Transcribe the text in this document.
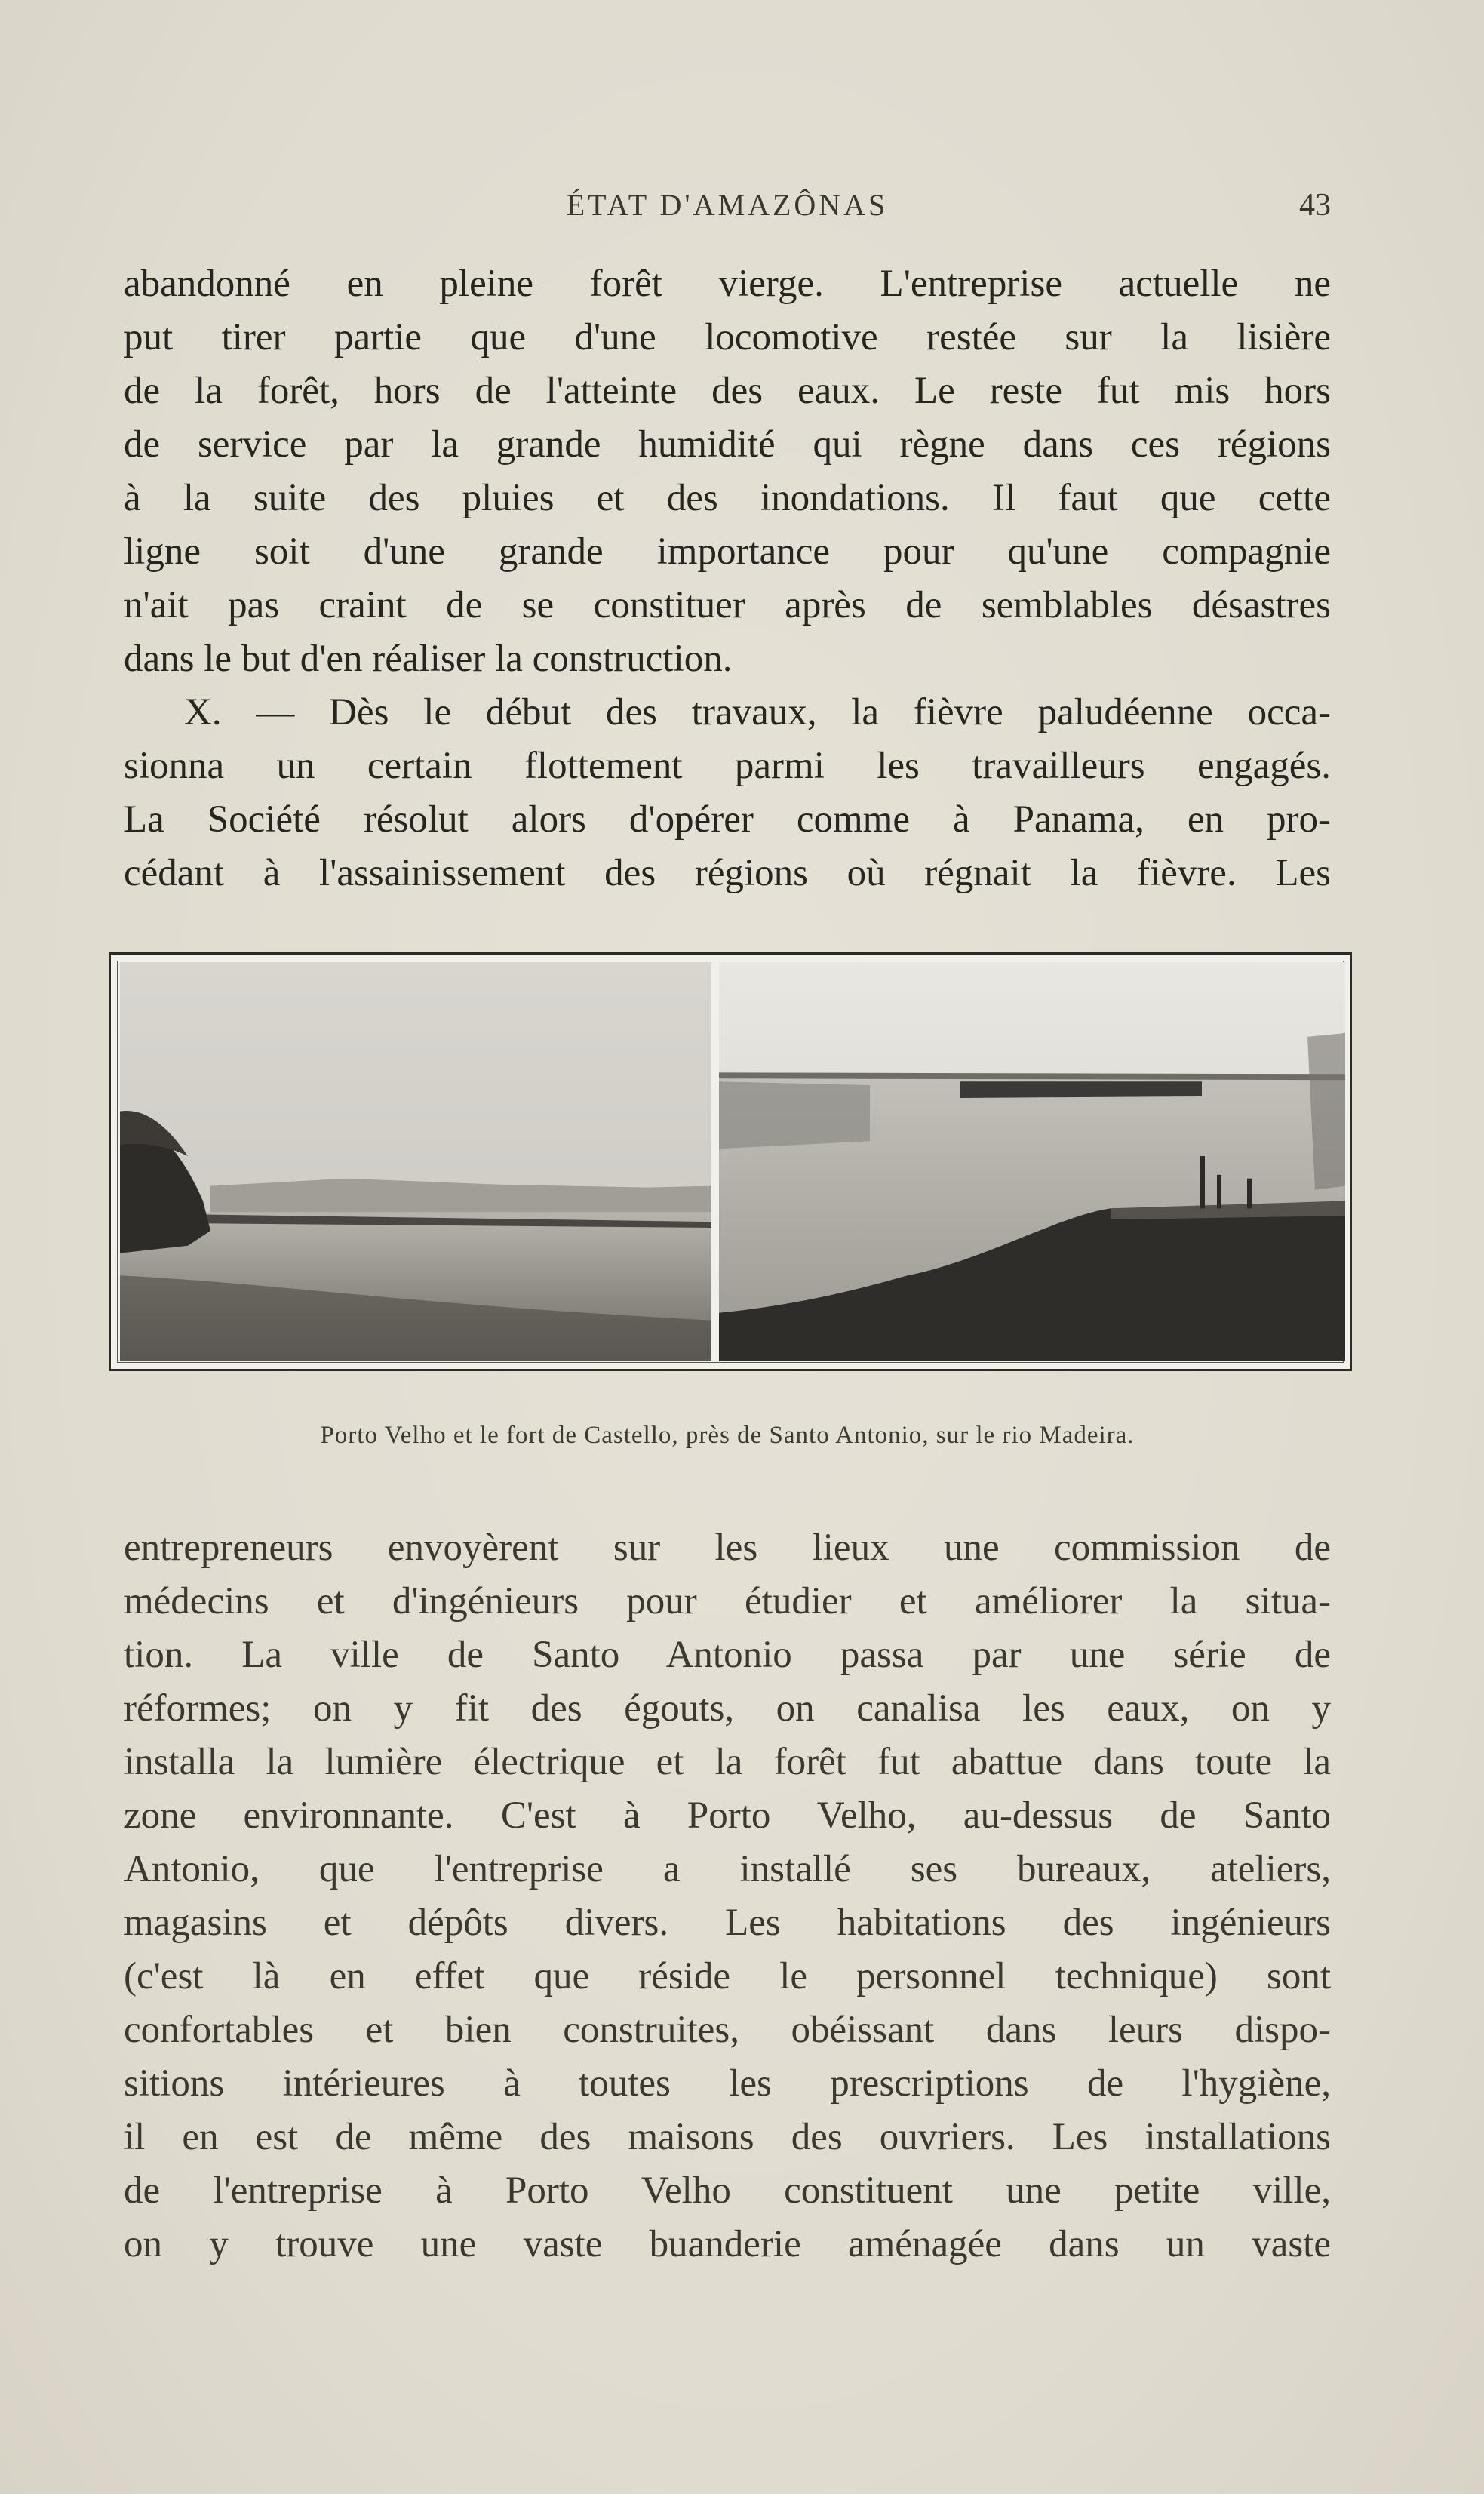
ÉTAT D'AMAZÔNAS	43
abandonné en pleine forêt vierge. L'entreprise actuelle ne
put tirer partie que d'une locomotive restée sur la lisière
de la forêt, hors de l'atteinte des eaux. Le reste fut mis hors
de service par la grande humidité qui règne dans ces régions
à la suite des pluies et des inondations. Il faut que cette
ligne soit d'une grande importance pour qu'une compagnie
n'ait pas craint de se constituer après de semblables désastres
dans le but d'en réaliser la construction.
X. — Dès le début des travaux, la fièvre paludéenne occa-
sionna un certain flottement parmi les travailleurs engagés.
La Société résolut alors d'opérer comme à Panama, en pro-
cédant à l'assainissement des régions où régnait la fièvre. Les
Porto Velho et le fort de Castello, près de Santo Antonio, sur le rio Madeira.
entrepreneurs envoyèrent sur les lieux une commission de
médecins et d'ingénieurs pour étudier et améliorer la situa-
tion. La ville de Santo Antonio passa par une série de
réformes; on y fit des égouts, on canalisa les eaux, on y
installa la lumière électrique et la forêt fut abattue dans toute la
zone environnante. C'est à Porto Velho, au-dessus de Santo
Antonio, que l'entreprise a installé ses bureaux, ateliers,
magasins et dépôts divers. Les habitations des ingénieurs
(c'est là en effet que réside le personnel technique) sont
confortables et bien construites, obéissant dans leurs dispo-
sitions intérieures à toutes les prescriptions de l'hygiène,
il en est de même des maisons des ouvriers. Les installations
de l'entreprise à Porto Velho constituent une petite ville,
on y trouve une vaste buanderie aménagée dans un vaste
